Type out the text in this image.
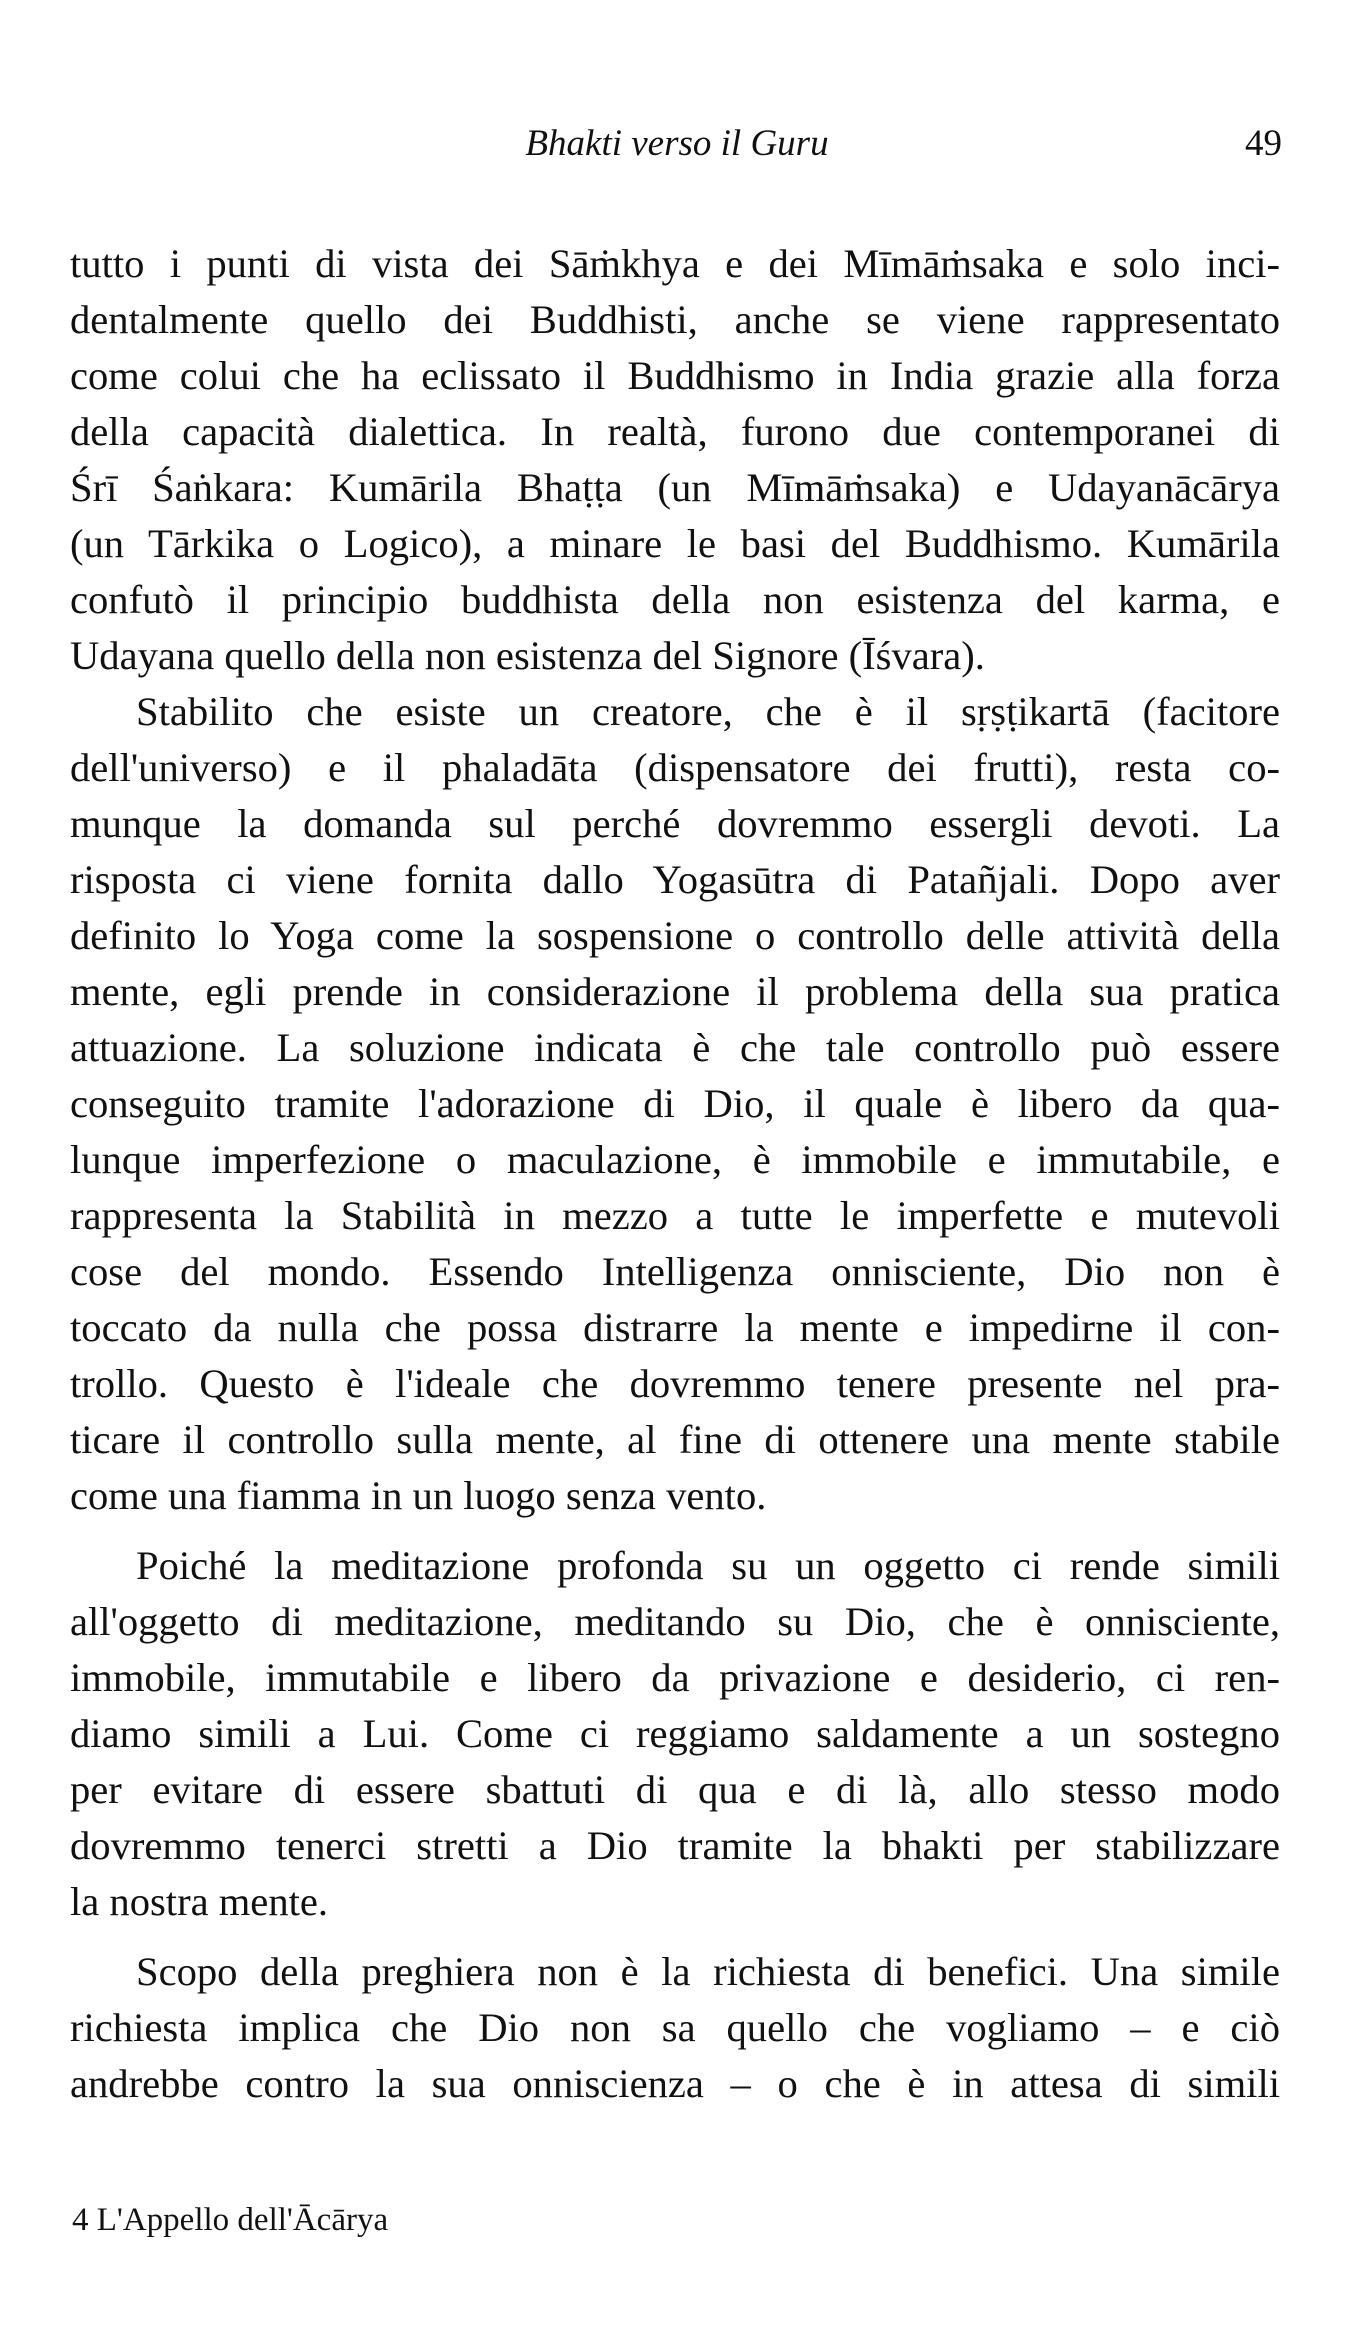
Bhakti verso il Guru	49
tutto i punti di vista dei Sāṁkhya e dei Mīmāṁsaka e solo inci-
dentalmente quello dei Buddhisti, anche se viene rappresentato
come colui che ha eclissato il Buddhismo in India grazie alla forza
della capacità dialettica. In realtà, furono due contemporanei di
Śrī Śaṅkara: Kumārila Bhaṭṭa (un Mīmāṁsaka) e Udayanācārya
(un Tārkika o Logico), a minare le basi del Buddhismo. Kumārila
confutò il principio buddhista della non esistenza del karma, e
Udayana quello della non esistenza del Signore (Īśvara).
Stabilito che esiste un creatore, che è il sṛṣṭikartā (facitore
dell'universo) e il phaladāta (dispensatore dei frutti), resta co-
munque la domanda sul perché dovremmo essergli devoti. La
risposta ci viene fornita dallo Yogasūtra di Patañjali. Dopo aver
definito lo Yoga come la sospensione o controllo delle attività della
mente, egli prende in considerazione il problema della sua pratica
attuazione. La soluzione indicata è che tale controllo può essere
conseguito tramite l'adorazione di Dio, il quale è libero da qua-
lunque imperfezione o maculazione, è immobile e immutabile, e
rappresenta la Stabilità in mezzo a tutte le imperfette e mutevoli
cose del mondo. Essendo Intelligenza onnisciente, Dio non è
toccato da nulla che possa distrarre la mente e impedirne il con-
trollo. Questo è l'ideale che dovremmo tenere presente nel pra-
ticare il controllo sulla mente, al fine di ottenere una mente stabile
come una fiamma in un luogo senza vento.
Poiché la meditazione profonda su un oggetto ci rende simili
all'oggetto di meditazione, meditando su Dio, che è onnisciente,
immobile, immutabile e libero da privazione e desiderio, ci ren-
diamo simili a Lui. Come ci reggiamo saldamente a un sostegno
per evitare di essere sbattuti di qua e di là, allo stesso modo
dovremmo tenerci stretti a Dio tramite la bhakti per stabilizzare
la nostra mente.
Scopo della preghiera non è la richiesta di benefici. Una simile
richiesta implica che Dio non sa quello che vogliamo – e ciò
andrebbe contro la sua onniscienza – o che è in attesa di simili
4 L'Appello dell'Ācārya
